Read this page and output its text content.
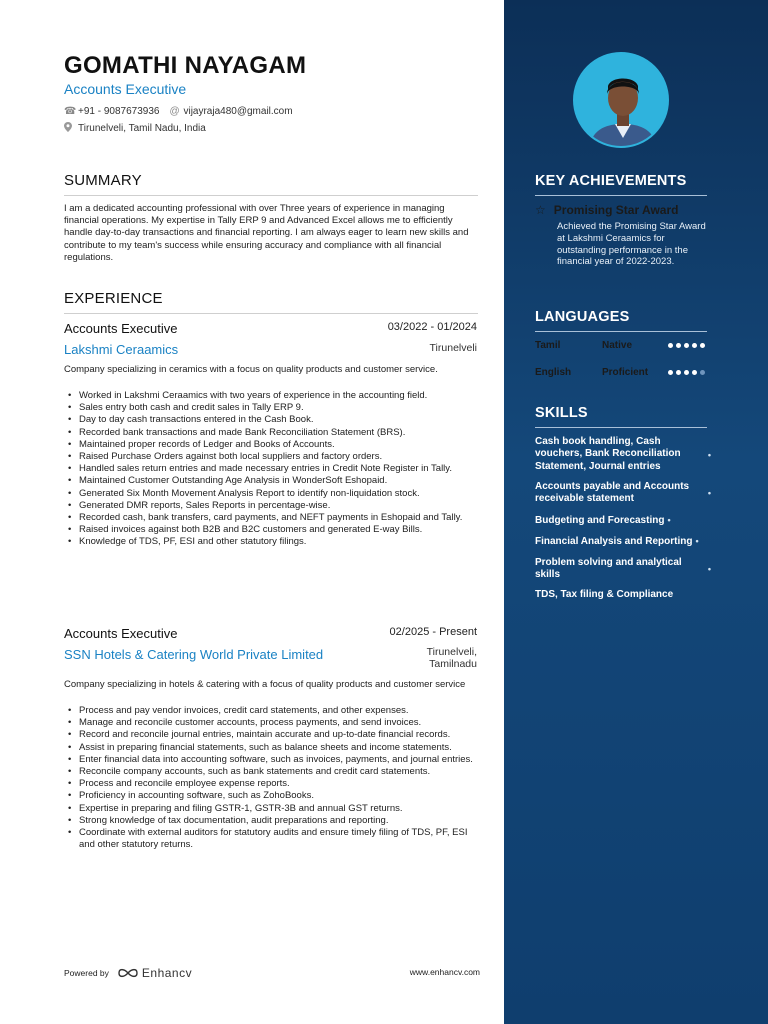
GOMATHI NAYAGAM
Accounts Executive
☎ +91 - 9087673936 @ vijayraja480@gmail.com
Tirunelveli, Tamil Nadu, India
SUMMARY
I am a dedicated accounting professional with over Three years of experience in managing financial operations. My expertise in Tally ERP 9 and Advanced Excel allows me to efficiently handle day-to-day transactions and financial reporting. I am always eager to learn new skills and contribute to my team's success while ensuring accuracy and compliance with all financial regulations.
EXPERIENCE
Accounts Executive	03/2022 - 01/2024
Lakshmi Ceraamics	Tirunelveli
Company specializing in ceramics with a focus on quality products and customer service.
• Worked in Lakshmi Ceraamics with two years of experience in the accounting field.
• Sales entry both cash and credit sales in Tally ERP 9.
• Day to day cash transactions entered in the Cash Book.
• Recorded bank transactions and made Bank Reconciliation Statement (BRS).
• Maintained proper records of Ledger and Books of Accounts.
• Raised Purchase Orders against both local suppliers and factory orders.
• Handled sales return entries and made necessary entries in Credit Note Register in Tally.
• Maintained Customer Outstanding Age Analysis in WonderSoft Eshopaid.
• Generated Six Month Movement Analysis Report to identify non-liquidation stock.
• Generated DMR reports, Sales Reports in percentage-wise.
• Recorded cash, bank transfers, card payments, and NEFT payments in Eshopaid and Tally.
• Raised invoices against both B2B and B2C customers and generated E-way Bills.
• Knowledge of TDS, PF, ESI and other statutory filings.
Accounts Executive	02/2025 - Present
SSN Hotels & Catering World Private Limited	Tirunelveli,
Tamilnadu
Company specializing in hotels & catering with a focus of quality products and customer service
• Process and pay vendor invoices, credit card statements, and other expenses.
• Manage and reconcile customer accounts, process payments, and send invoices.
• Record and reconcile journal entries, maintain accurate and up-to-date financial records.
• Assist in preparing financial statements, such as balance sheets and income statements.
• Enter financial data into accounting software, such as invoices, payments, and journal entries.
• Reconcile company accounts, such as bank statements and credit card statements.
• Process and reconcile employee expense reports.
• Proficiency in accounting software, such as ZohoBooks.
• Expertise in preparing and filing GSTR-1, GSTR-3B and annual GST returns.
• Strong knowledge of tax documentation, audit preparations and reporting.
• Coordinate with external auditors for statutory audits and ensure timely filing of TDS, PF, ESI and other statutory returns.
Powered by	Enhancv	www.enhancv.com
KEY ACHIEVEMENTS
☆ Promising Star Award
Achieved the Promising Star Award at Lakshmi Ceraamics for outstanding performance in the financial year of 2022-2023.
LANGUAGES
Tamil	Native
English	Proficient
SKILLS
Cash book handling, Cash vouchers, Bank Reconciliation Statement, Journal entries
•
Accounts payable and Accounts receivable statement
•
Budgeting and Forecasting •
Financial Analysis and Reporting •
Problem solving and analytical skills
•
TDS, Tax filing & Compliance
